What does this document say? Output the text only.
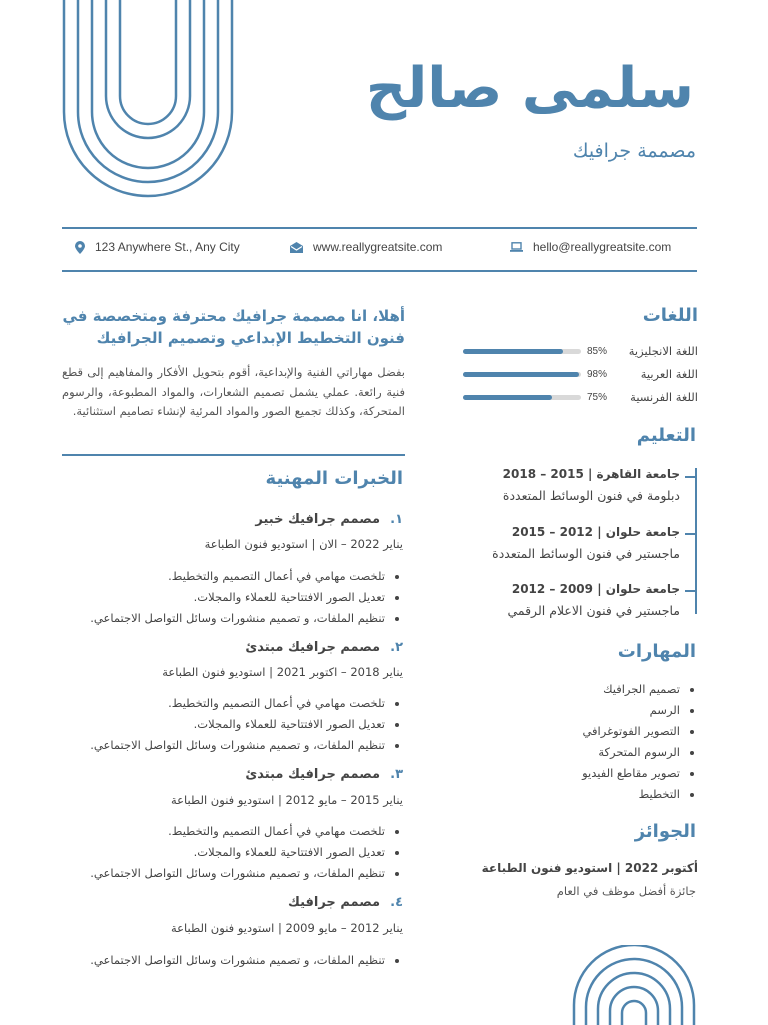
سلمى صالح
مصممة جرافيك
123 Anywhere St., Any City	www.reallygreatsite.com	hello@reallygreatsite.com
أهلا، انا مصممة جرافيك محترفة ومتخصصة في فنون التخطيط الإبداعي وتصميم الجرافيك
بفضل مهاراتي الفنية والإبداعية، أقوم بتحويل الأفكار والمفاهيم إلى قطع فنية رائعة. عملي يشمل تصميم الشعارات، والمواد المطبوعة، والرسوم المتحركة، وكذلك تجميع الصور والمواد المرئية لإنشاء تصاميم استثنائية.
اللغات
اللغة الانجليزية
85%
اللغة العربية
98%
اللغة الفرنسية
75%
التعليم
جامعة القاهرة | 2015 – 2018
دبلومة في فنون الوسائط المتعددة
جامعة حلوان | 2012 – 2015
ماجستير في فنون الوسائط المتعددة
جامعة حلوان | 2009 – 2012
ماجستير في فنون الاعلام الرقمي
المهارات
• تصميم الجرافيك
• الرسم
• التصوير الفوتوغرافي
• الرسوم المتحركة
• تصوير مقاطع الفيديو
• التخطيط
الجوائز
أكتوبر 2022 | استوديو فنون الطباعة
جائزة أفضل موظف في العام
الخبرات المهنية
١.مصمم جرافيك خبير
يناير 2022 – الان | استوديو فنون الطباعة
• تلخصت مهامي في أعمال التصميم والتخطيط.
• تعديل الصور الافتتاحية للعملاء والمجلات.
• تنظيم الملفات، و تصميم منشورات وسائل التواصل الاجتماعي.
٢.مصمم جرافيك مبتدئ
يناير 2018 – اكتوبر 2021 | استوديو فنون الطباعة
• تلخصت مهامي في أعمال التصميم والتخطيط.
• تعديل الصور الافتتاحية للعملاء والمجلات.
• تنظيم الملفات، و تصميم منشورات وسائل التواصل الاجتماعي.
٣.مصمم جرافيك مبتدئ
يناير 2015 – مايو 2012 | استوديو فنون الطباعة
• تلخصت مهامي في أعمال التصميم والتخطيط.
• تعديل الصور الافتتاحية للعملاء والمجلات.
• تنظيم الملفات، و تصميم منشورات وسائل التواصل الاجتماعي.
٤.مصمم جرافيك
يناير 2012 – مايو 2009 | استوديو فنون الطباعة
• تنظيم الملفات، و تصميم منشورات وسائل التواصل الاجتماعي.
